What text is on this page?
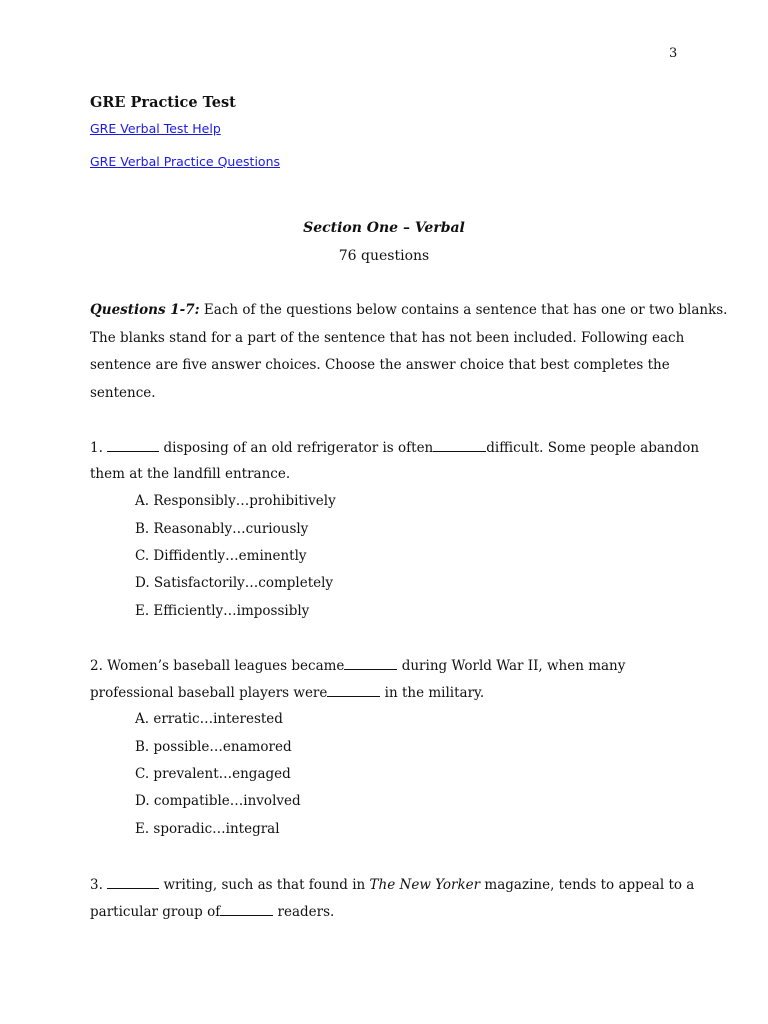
3
GRE Practice Test
GRE Verbal Test Help
GRE Verbal Practice Questions
Section One – Verbal
76 questions
Questions 1-7: Each of the questions below contains a sentence that has one or two blanks.
The blanks stand for a part of the sentence that has not been included. Following each
sentence are five answer choices. Choose the answer choice that best completes the
sentence.
1.	disposing of an old refrigerator is often	difficult. Some people abandon
them at the landfill entrance.
A. Responsibly…prohibitively
B. Reasonably…curiously
C. Diffidently…eminently
D. Satisfactorily…completely
E. Efficiently…impossibly
2. Women’s baseball leagues became	during World War II, when many
professional baseball players were	in the military.
A. erratic…interested
B. possible…enamored
C. prevalent…engaged
D. compatible…involved
E. sporadic…integral
3.	writing, such as that found in The New Yorker magazine, tends to appeal to a
particular group of	readers.
